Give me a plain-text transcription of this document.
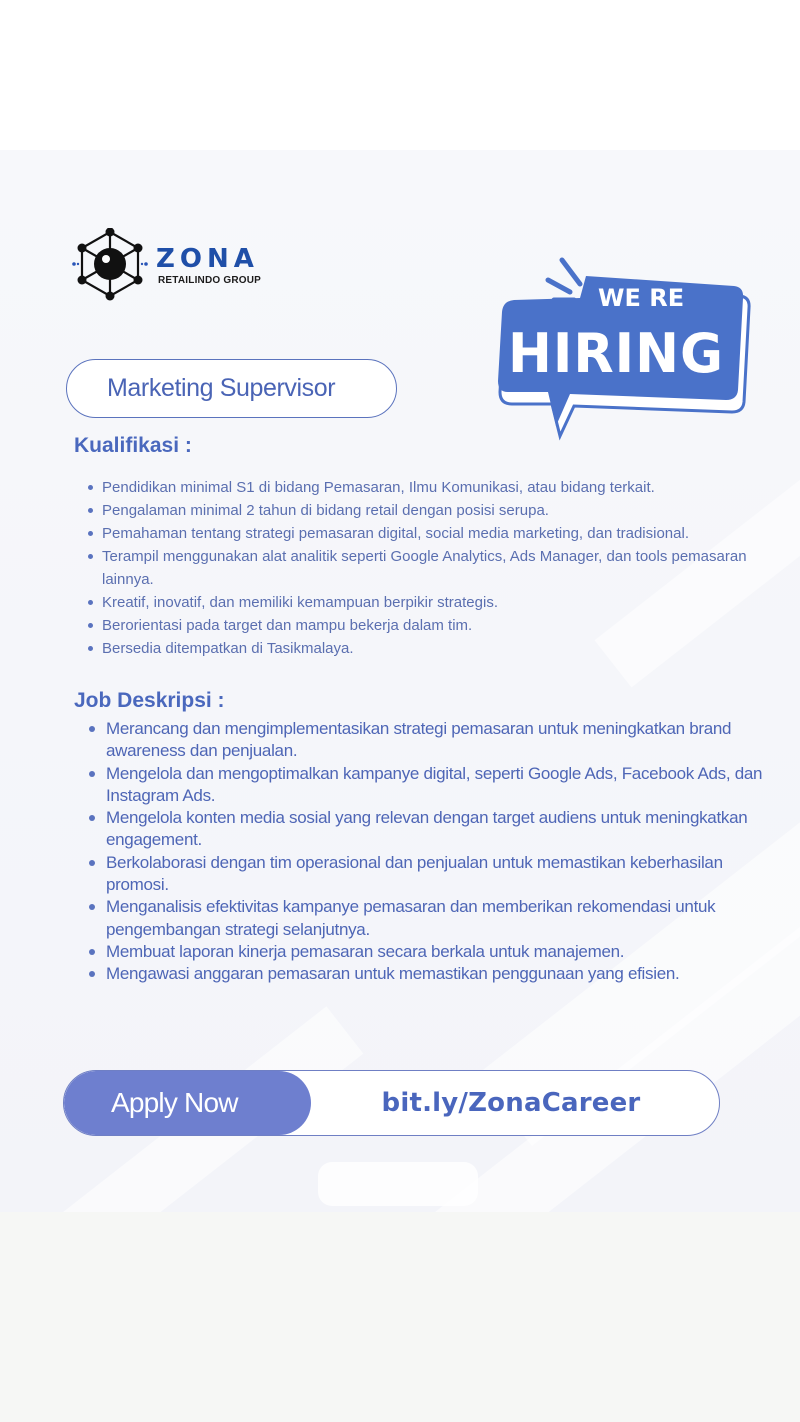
ZONA
RETAILINDO GROUP
WE RE
HIRING
Marketing Supervisor
Kualifikasi :
Pendidikan minimal S1 di bidang Pemasaran, Ilmu Komunikasi, atau bidang terkait.
Pengalaman minimal 2 tahun di bidang retail dengan posisi serupa.
Pemahaman tentang strategi pemasaran digital, social media marketing, dan tradisional.
Terampil menggunakan alat analitik seperti Google Analytics, Ads Manager, dan tools pemasaran lainnya.
Kreatif, inovatif, dan memiliki kemampuan berpikir strategis.
Berorientasi pada target dan mampu bekerja dalam tim.
Bersedia ditempatkan di Tasikmalaya.
Job Deskripsi :
Merancang dan mengimplementasikan strategi pemasaran untuk meningkatkan brand awareness dan penjualan.
Mengelola dan mengoptimalkan kampanye digital, seperti Google Ads, Facebook Ads, dan Instagram Ads.
Mengelola konten media sosial yang relevan dengan target audiens untuk meningkatkan engagement.
Berkolaborasi dengan tim operasional dan penjualan untuk memastikan keberhasilan promosi.
Menganalisis efektivitas kampanye pemasaran dan memberikan rekomendasi untuk pengembangan strategi selanjutnya.
Membuat laporan kinerja pemasaran secara berkala untuk manajemen.
Mengawasi anggaran pemasaran untuk memastikan penggunaan yang efisien.
Apply Now	bit.ly/ZonaCareer
